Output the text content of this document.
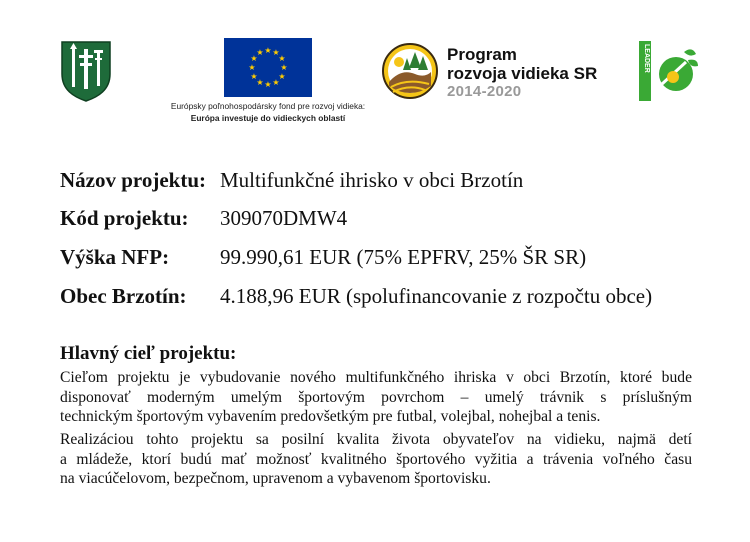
★ ★
★
★
★
★
★
★
★
★
★
★
Európsky poľnohospodársky fond pre rozvoj vidieka:
Európa investuje do vidieckych oblastí
Program
rozvoja vidieka SR
2014-2020
LEADER
Názov projektu: Multifunkčné ihrisko v obci Brzotín
Kód projektu: 309070DMW4
Výška NFP: 99.990,61 EUR (75% EPFRV, 25% ŠR SR)
Obec Brzotín: 4.188,96 EUR (spolufinancovanie z rozpočtu obce)
Hlavný cieľ projektu:
Cieľom projektu je vybudovanie nového multifunkčného ihriska v obci Brzotín, ktoré bude
disponovať moderným umelým športovým povrchom – umelý trávnik s príslušným
technickým športovým vybavením predovšetkým pre futbal, volejbal, nohejbal a tenis.
Realizáciou tohto projektu sa posilní kvalita života obyvateľov na vidieku, najmä detí
a mládeže, ktorí budú mať možnosť kvalitného športového vyžitia a trávenia voľného času
na viacúčelovom, bezpečnom, upravenom a vybavenom športovisku.
